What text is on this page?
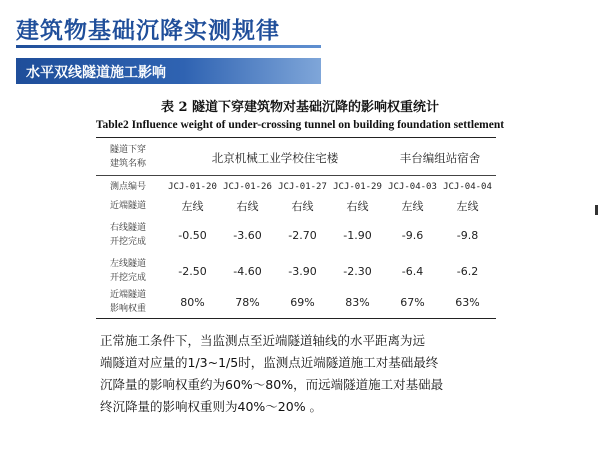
建筑物基础沉降实测规律
水平双线隧道施工影响
表 2 隧道下穿建筑物对基础沉降的影响权重统计
Table2 Influence weight of under-crossing tunnel on building foundation settlement
隧道下穿
建筑名称	北京机械工业学校住宅楼	丰台编组站宿舍
测点编号
近端隧道
右线隧道
开挖完成
左线隧道
开挖完成
近端隧道
影响权重
JCJ-01-20
左线
-0.50
-2.50
80%
JCJ-01-26
右线
-3.60
-4.60
78%
JCJ-01-27
右线
-2.70
-3.90
69%
JCJ-01-29
右线
-1.90
-2.30
83%
JCJ-04-03
左线
-9.6
-6.4
67%
JCJ-04-04
左线
-9.8
-6.2
63%
正常施工条件下，当监测点至近端隧道轴线的水平距离为远
端隧道对应量的1/3~1/5时，监测点近端隧道施工对基础最终
沉降量的影响权重约为60%～80%，而远端隧道施工对基础最
终沉降量的影响权重则为40%～20% 。
